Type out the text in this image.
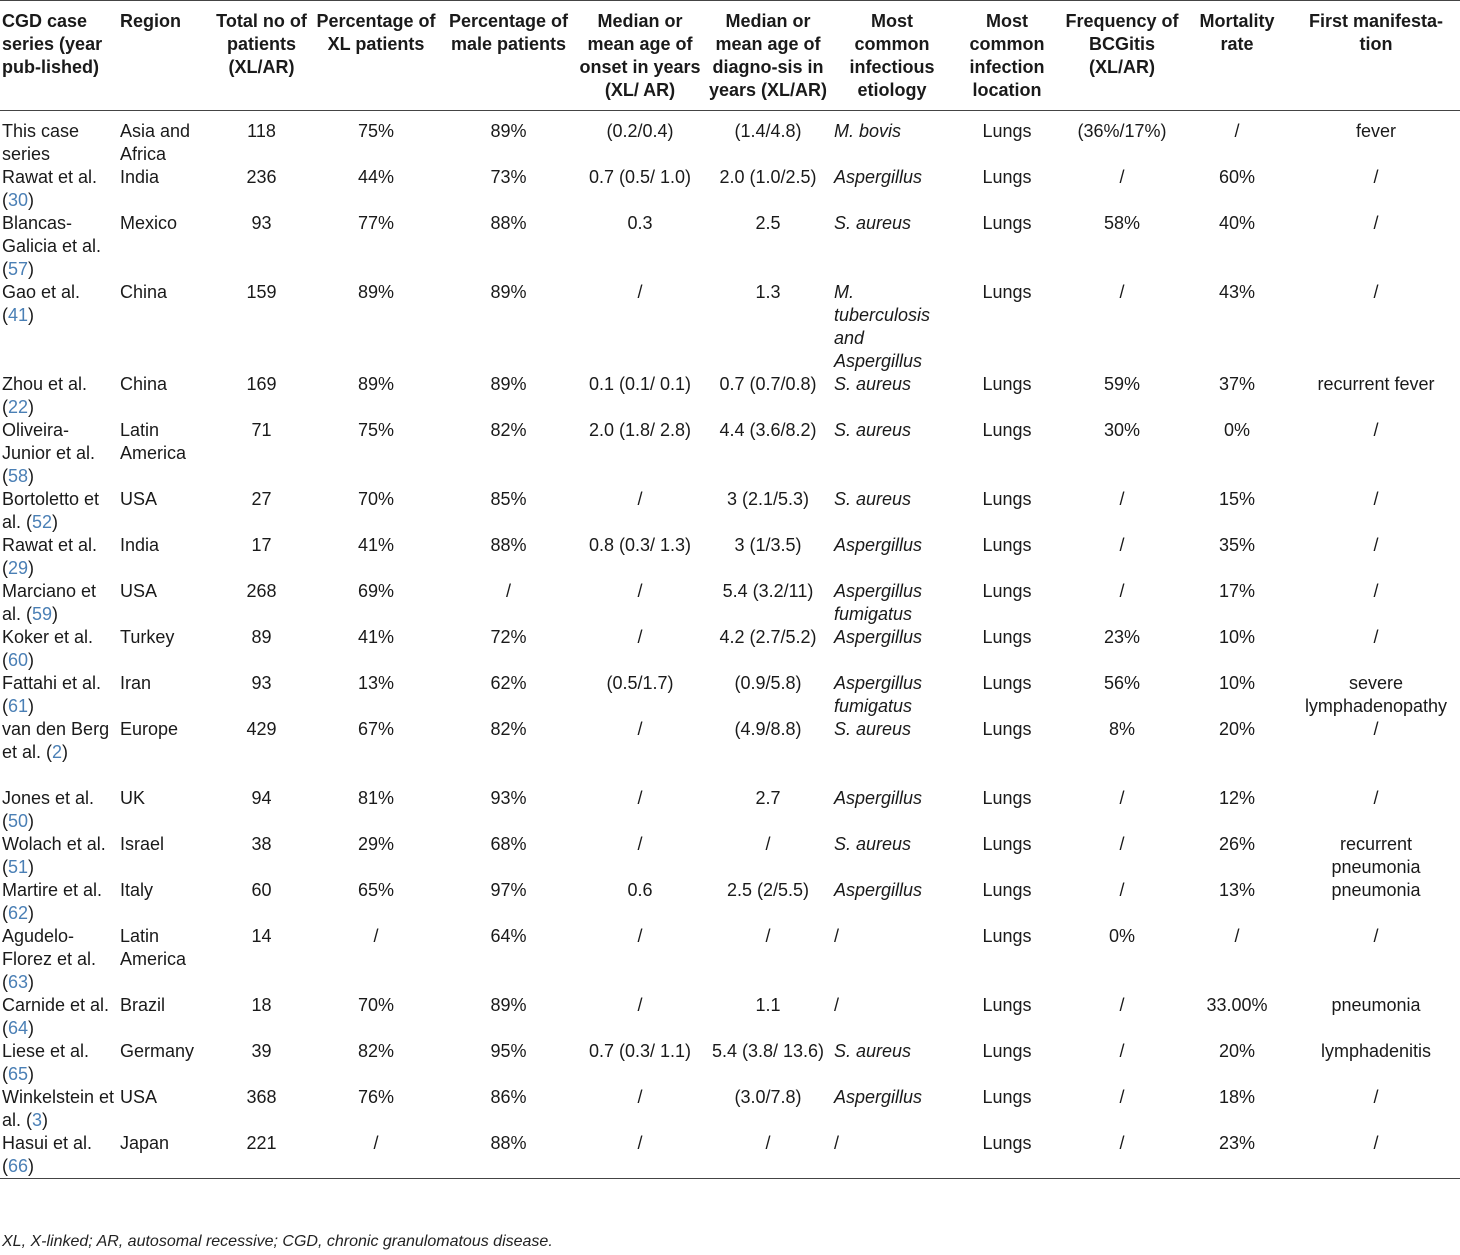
CGD case series (year pub-lished)	Region	Total no of patients (XL/AR)	Percentage of XL patients	Percentage of male patients	Median or mean age of onset in years (XL/ AR)	Median or mean age of diagno-sis in years (XL/AR)	Most common infectious etiology	Most common infection location	Frequency of BCGitis (XL/AR)	Mortality rate	First manifesta-tion
This case series	Asia and Africa	118	75%	89%	(0.2/0.4)	(1.4/4.8)	M. bovis	Lungs	(36%/17%)	/	fever
Rawat et al. (30)	India	236	44%	73%	0.7 (0.5/ 1.0)	2.0 (1.0/2.5)	Aspergillus	Lungs	/	60%	/
Blancas-Galicia et al. (57)	Mexico	93	77%	88%	0.3	2.5	S. aureus	Lungs	58%	40%	/
Gao et al. (41)	China	159	89%	89%	/	1.3	M. tuberculosis and Aspergillus	Lungs	/	43%	/
Zhou et al. (22)	China	169	89%	89%	0.1 (0.1/ 0.1)	0.7 (0.7/0.8)	S. aureus	Lungs	59%	37%	recurrent fever
Oliveira-Junior et al. (58)	Latin America	71	75%	82%	2.0 (1.8/ 2.8)	4.4 (3.6/8.2)	S. aureus	Lungs	30%	0%	/
Bortoletto et al. (52)	USA	27	70%	85%	/	3 (2.1/5.3)	S. aureus	Lungs	/	15%	/
Rawat et al. (29)	India	17	41%	88%	0.8 (0.3/ 1.3)	3 (1/3.5)	Aspergillus	Lungs	/	35%	/
Marciano et al. (59)	USA	268	69%	/	/	5.4 (3.2/11)	Aspergillus fumigatus	Lungs	/	17%	/
Koker et al. (60)	Turkey	89	41%	72%	/	4.2 (2.7/5.2)	Aspergillus	Lungs	23%	10%	/
Fattahi et al. (61)	Iran	93	13%	62%	(0.5/1.7)	(0.9/5.8)	Aspergillus fumigatus	Lungs	56%	10%	severe lymphadenopathy
van den Berg et al. (2)	Europe	429	67%	82%	/	(4.9/8.8)	S. aureus	Lungs	8%	20%	/
Jones et al. (50)	UK	94	81%	93%	/	2.7	Aspergillus	Lungs	/	12%	/
Wolach et al. (51)	Israel	38	29%	68%	/	/	S. aureus	Lungs	/	26%	recurrent pneumonia
Martire et al. (62)	Italy	60	65%	97%	0.6	2.5 (2/5.5)	Aspergillus	Lungs	/	13%	pneumonia
Agudelo-Florez et al. (63)	Latin America	14	/	64%	/	/	/	Lungs	0%	/	/
Carnide et al. (64)	Brazil	18	70%	89%	/	1.1	/	Lungs	/	33.00%	pneumonia
Liese et al. (65)	Germany	39	82%	95%	0.7 (0.3/ 1.1)	5.4 (3.8/ 13.6)	S. aureus	Lungs	/	20%	lymphadenitis
Winkelstein et al. (3)	USA	368	76%	86%	/	(3.0/7.8)	Aspergillus	Lungs	/	18%	/
Hasui et al. (66)	Japan	221	/	88%	/	/	/	Lungs	/	23%	/
XL, X-linked; AR, autosomal recessive; CGD, chronic granulomatous disease.
